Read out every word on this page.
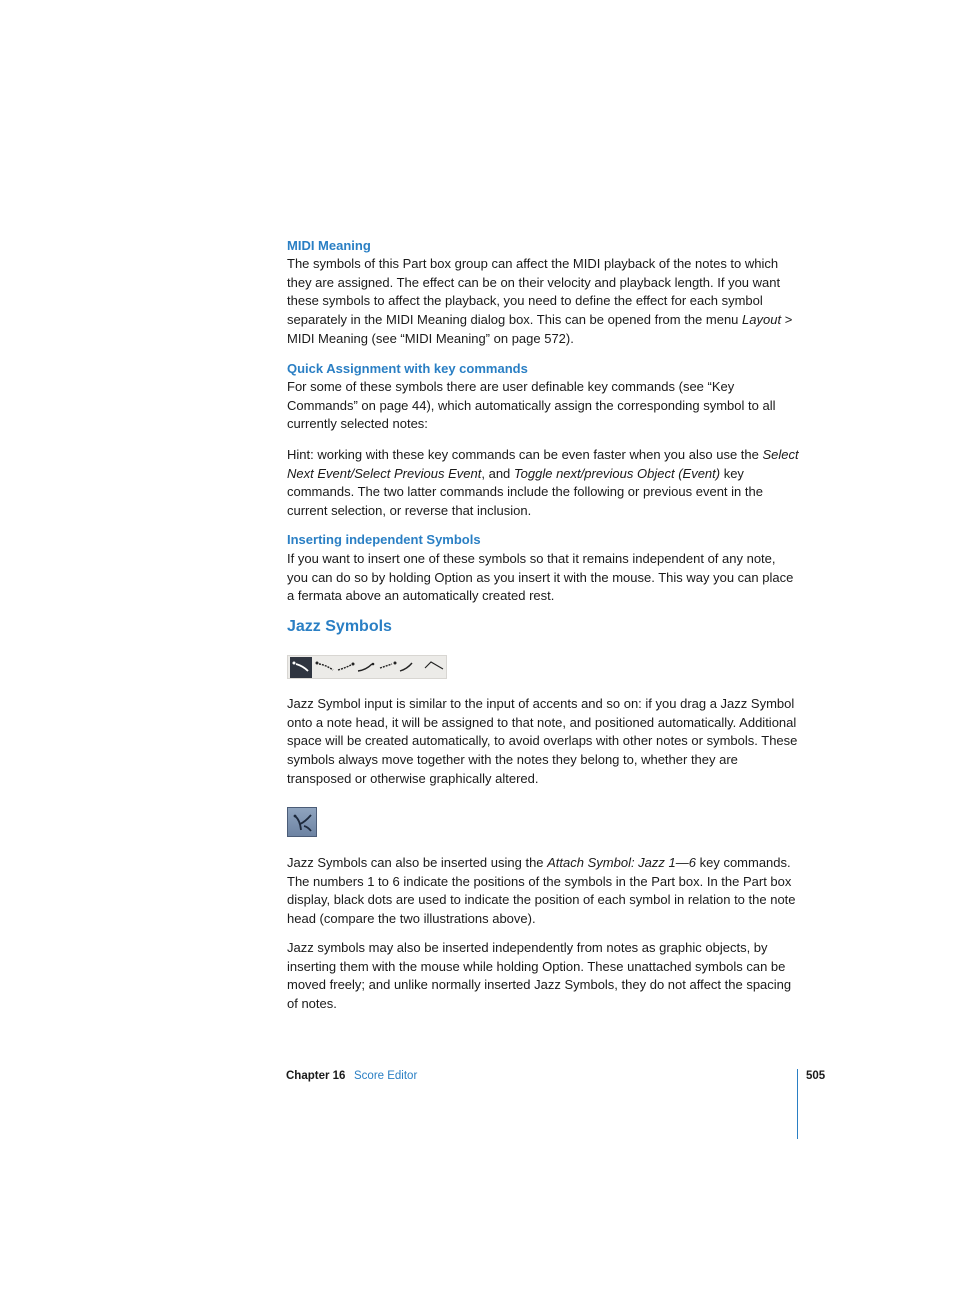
MIDI Meaning

The symbols of this Part box group can affect the MIDI playback of the notes to which they are assigned. The effect can be on their velocity and playback length. If you want these symbols to affect the playback, you need to define the effect for each symbol separately in the MIDI Meaning dialog box. This can be opened from the menu Layout > MIDI Meaning (see “MIDI Meaning” on page 572).

Quick Assignment with key commands

For some of these symbols there are user definable key commands (see “Key Commands” on page 44), which automatically assign the corresponding symbol to all currently selected notes:

Hint: working with these key commands can be even faster when you also use the Select Next Event/Select Previous Event, and Toggle next/previous Object (Event) key commands. The two latter commands include the following or previous event in the current selection, or reverse that inclusion.

Inserting independent Symbols

If you want to insert one of these symbols so that it remains independent of any note, you can do so by holding Option as you insert it with the mouse. This way you can place a fermata above an automatically created rest.

Jazz Symbols

Jazz Symbol input is similar to the input of accents and so on: if you drag a Jazz Symbol onto a note head, it will be assigned to that note, and positioned automatically. Additional space will be created automatically, to avoid overlaps with other notes or symbols. These symbols always move together with the notes they belong to, whether they are transposed or otherwise graphically altered.

Jazz Symbols can also be inserted using the Attach Symbol: Jazz 1—6 key commands. The numbers 1 to 6 indicate the positions of the symbols in the Part box. In the Part box display, black dots are used to indicate the position of each symbol in relation to the note head (compare the two illustrations above).

Jazz symbols may also be inserted independently from notes as graphic objects, by inserting them with the mouse while holding Option. These unattached symbols can be moved freely; and unlike normally inserted Jazz Symbols, they do not affect the spacing of notes.

Chapter 16 Score Editor	505
